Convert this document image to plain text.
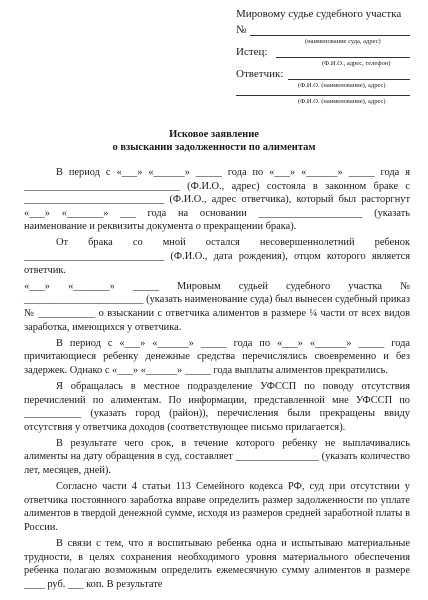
Мировому судье судебного участка
№
(наименование суда, адрес)
Истец:
(Ф.И.О., адрес, телефон)
Ответчик:
(Ф.И.О. (наименование), адрес)
(Ф.И.О. (наименование), адрес)
Исковое заявление
о взыскании задолженности по алиментам

В период с «___» «______» _____ года по «___» «______» _____ года я ______________________________ (Ф.И.О., адрес) состояла в законном браке с ___________________________ (Ф.И.О., адрес ответчика), который был расторгнут «___» «_______» ___ года на основании ____________________ (указать наименование и реквизиты документа о прекращении брака).

От брака со мной остался несовершеннолетний ребенок ___________________________ (Ф.И.О., дата рождения), отцом которого является ответчик.

«___» «_______» _____ Мировым судьей судебного участка № _______________________ (указать наименование суда) был вынесен судебный приказ № ___________ о взыскании с ответчика алиментов в размере ¼ части от всех видов заработка, имеющихся у ответчика.

В период с «___» «______» _____ года по «___» «______» _____ года причитающиеся ребенку денежные средства перечислялись своевременно и без задержек. Однако с «___» «______» _____ года выплаты алиментов прекратились.

Я обращалась в местное подразделение УФССП по поводу отсутствия перечислений по алиментам. По информации, представленной мне УФССП по ___________ (указать город (район)), перечисления были прекращены ввиду отсутствия у ответчика доходов (соответствующее письмо прилагается).

В результате чего срок, в течение которого ребенку не выплачивались алименты на дату обращения в суд, составляет ________________ (указать количество лет, месяцев, дней).

Согласно части 4 статьи 113 Семейного кодекса РФ, суд при отсутствии у ответчика постоянного заработка вправе определить размер задолженности по уплате алиментов в твердой денежной сумме, исходя из размеров средней заработной платы в России.

В связи с тем, что я воспитываю ребенка одна и испытываю материальные трудности, в целях сохранения необходимого уровня материального обеспечения ребенка полагаю возможным определить ежемесячную сумму алиментов в размере ____ руб. ___ коп. В результате
